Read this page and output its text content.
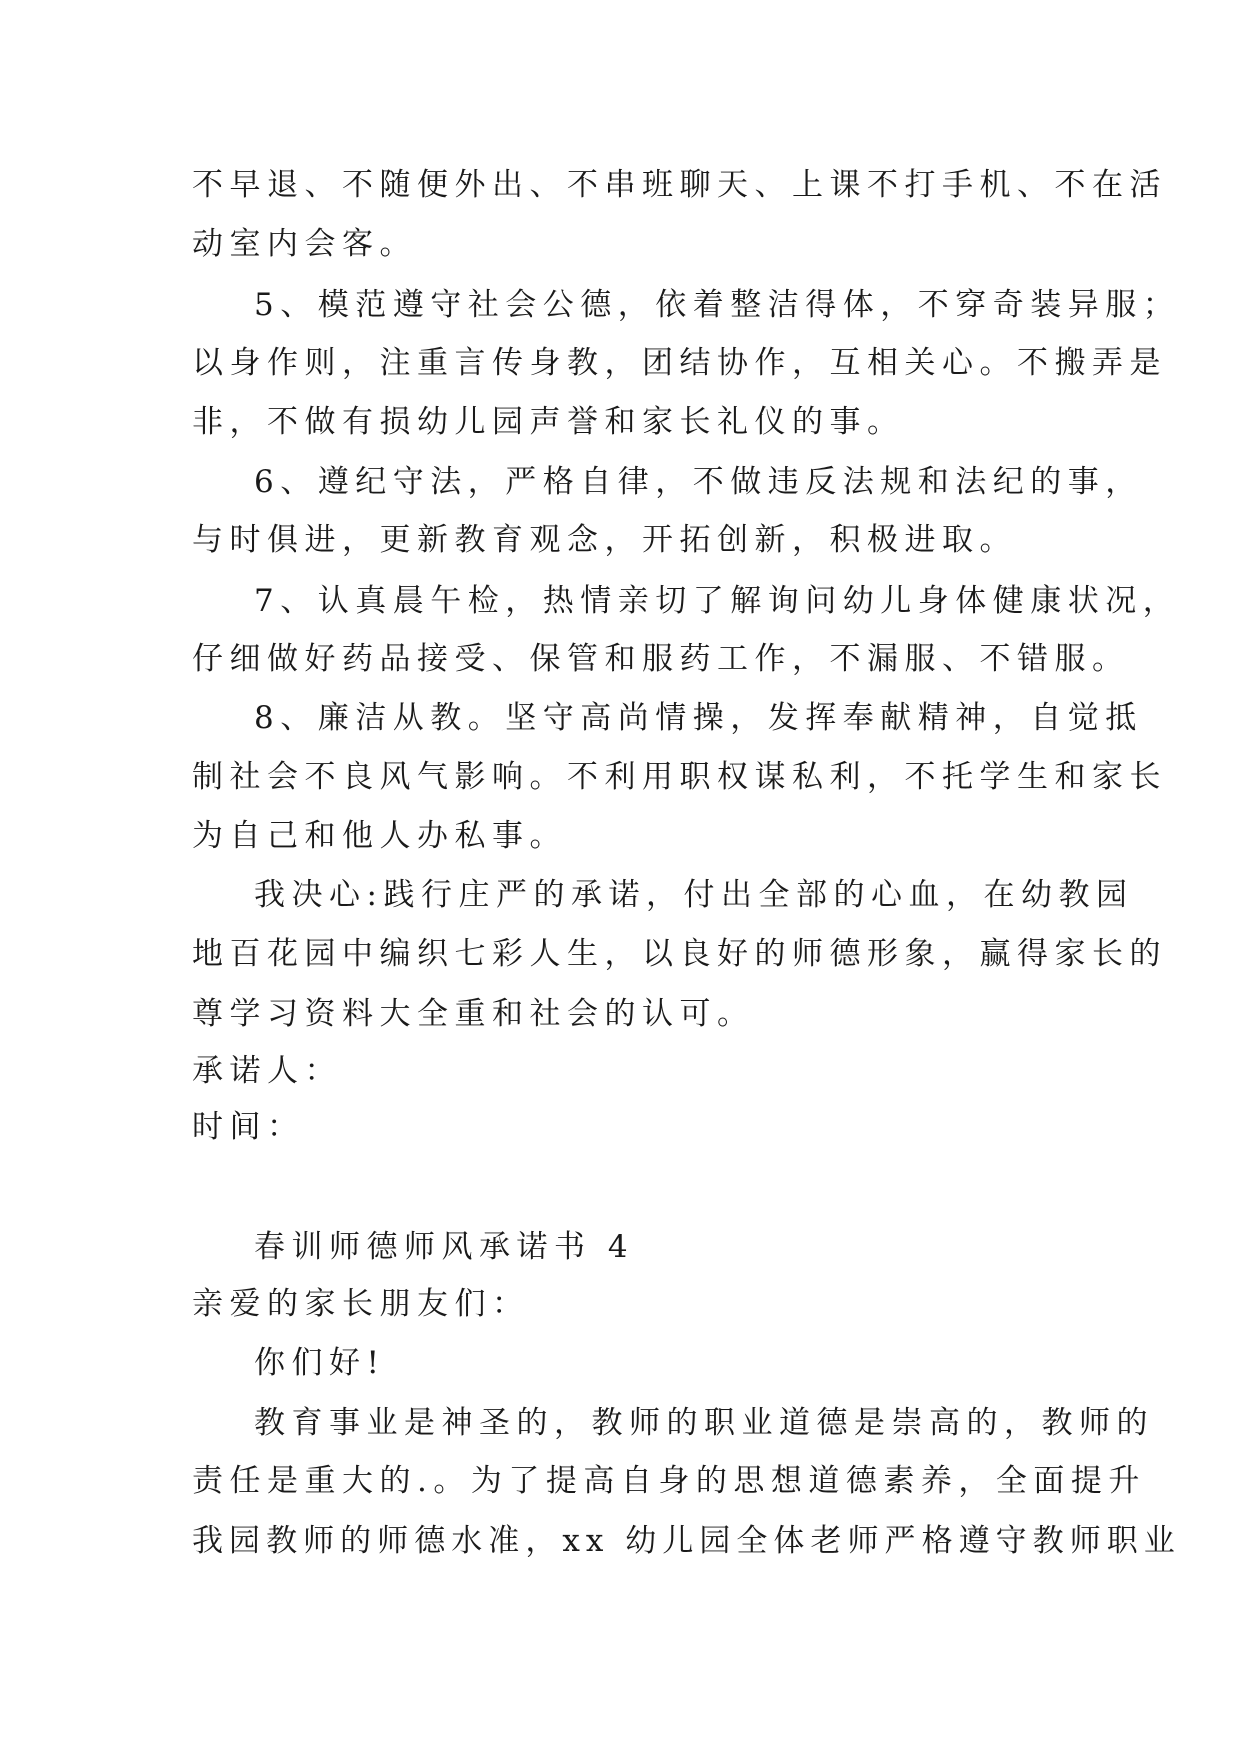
不早退、不随便外出、不串班聊天、上课不打手机、不在活
动室内会客。
5、模范遵守社会公德，依着整洁得体，不穿奇装异服；
以身作则，注重言传身教，团结协作，互相关心。不搬弄是
非，不做有损幼儿园声誉和家长礼仪的事。
6、遵纪守法，严格自律，不做违反法规和法纪的事，
与时俱进，更新教育观念，开拓创新，积极进取。
7、认真晨午检，热情亲切了解询问幼儿身体健康状况，
仔细做好药品接受、保管和服药工作，不漏服、不错服。
8、廉洁从教。坚守高尚情操，发挥奉献精神，自觉抵
制社会不良风气影响。不利用职权谋私利，不托学生和家长
为自己和他人办私事。
我决心:践行庄严的承诺，付出全部的心血，在幼教园
地百花园中编织七彩人生，以良好的师德形象，赢得家长的
尊学习资料大全重和社会的认可。
承诺人：
时间：
春训师德师风承诺书 4
亲爱的家长朋友们：
你们好!
教育事业是神圣的，教师的职业道德是崇高的，教师的
责任是重大的.。为了提高自身的思想道德素养，全面提升
我园教师的师德水准，xx 幼儿园全体老师严格遵守教师职业
